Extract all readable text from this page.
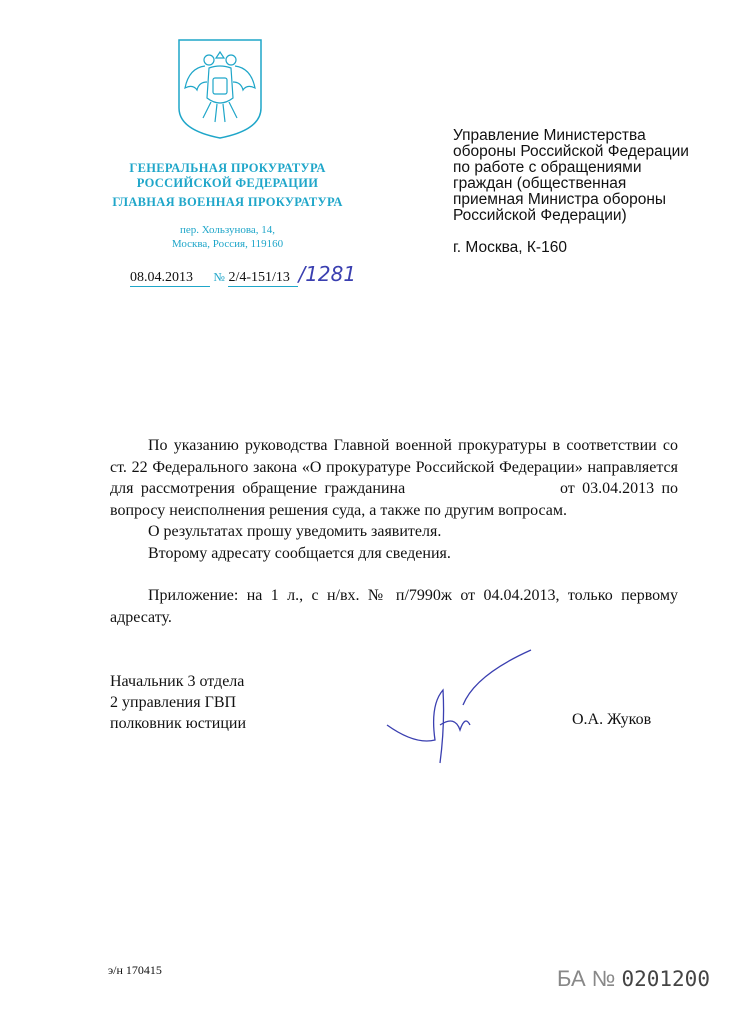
ГЕНЕРАЛЬНАЯ ПРОКУРАТУРА
РОССИЙСКОЙ ФЕДЕРАЦИИ
ГЛАВНАЯ ВОЕННАЯ ПРОКУРАТУРА
пер. Хользунова, 14,
Москва, Россия, 119160
08.04.2013 № 2/4-151/13 /1281
Управление Министерства
обороны Российской Федерации
по работе с обращениями
граждан (общественная
приемная Министра обороны
Российской Федерации)
г. Москва, К-160

По указанию руководства Главной военной прокуратуры в соответствии со ст. 22 Федерального закона «О прокуратуре Российской Федерации» направляется для рассмотрения обращение гражданина	от 03.04.2013 по вопросу неисполнения решения суда, а также по другим вопросам.

О результатах прошу уведомить заявителя.

Второму адресату сообщается для сведения.

Приложение: на 1 л., с н/вх. № п/7990ж от 04.04.2013, только первому адресату.

Начальник 3 отдела
2 управления ГВП
полковник юстиции	О.А. Жуков
э/н 170415	БА № 0201200
